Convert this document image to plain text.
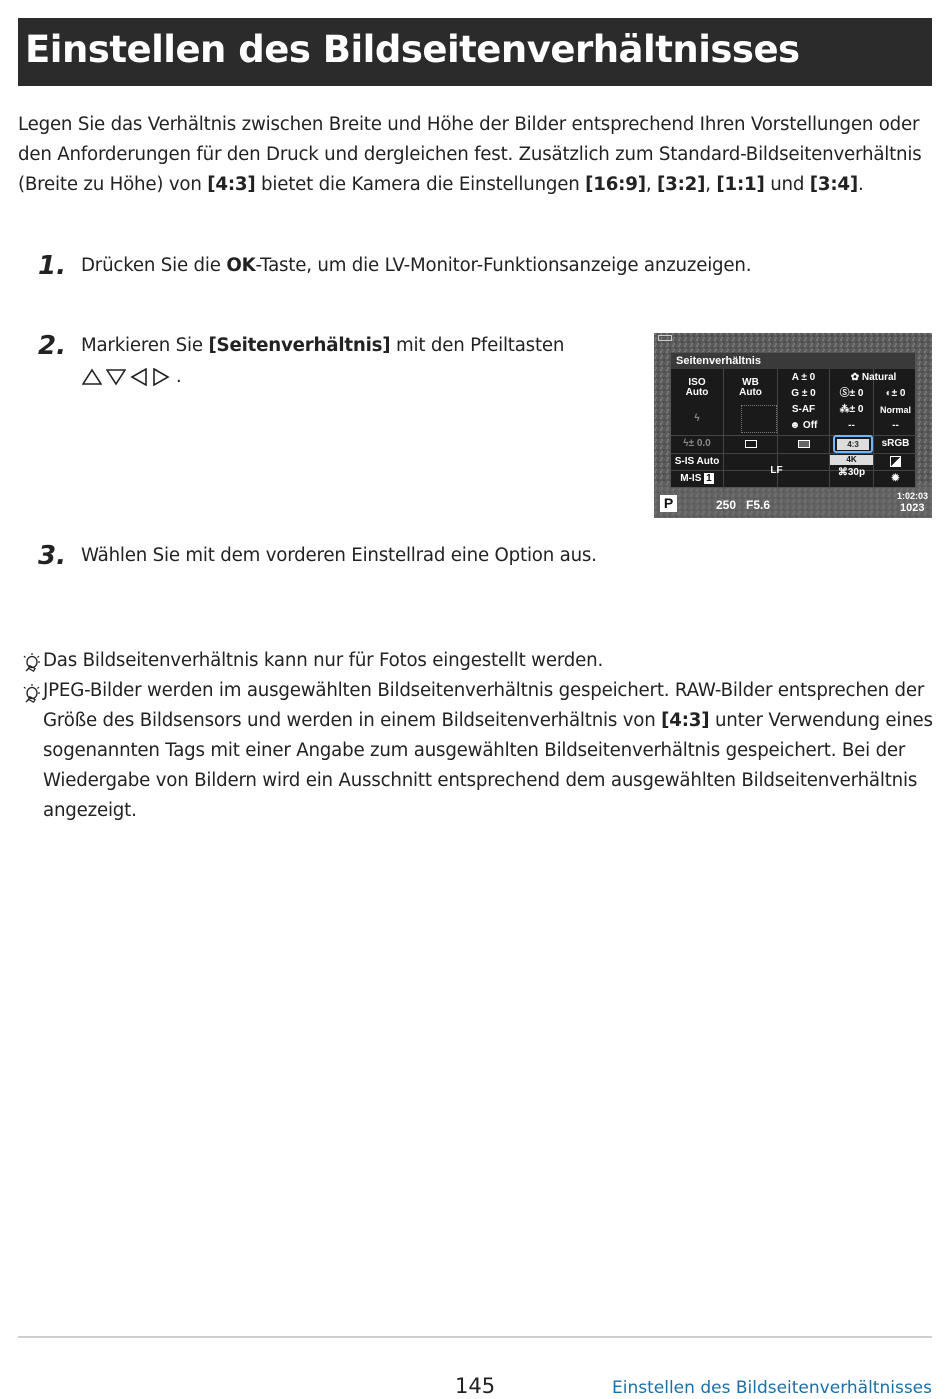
Einstellen des Bildseitenverhältnisses
Legen Sie das Verhältnis zwischen Breite und Höhe der Bilder entsprechend Ihren Vorstellungen oder
den Anforderungen für den Druck und dergleichen fest. Zusätzlich zum Standard-Bildseitenverhältnis
(Breite zu Höhe) von [4:3] bietet die Kamera die Einstellungen [16:9], [3:2], [1:1] und [3:4].
1. Drücken Sie die OK-Taste, um die LV-Monitor-Funktionsanzeige anzuzeigen.
2. Markieren Sie [Seitenverhältnis] mit den Pfeiltasten
.
Seitenverhältnis
ISO
Auto
WB
Auto
A ± 0
G ± 0
S-AF
☻ Off
✿ Natural
Ⓢ± 0 ◐± 0
⁂± 0	Normal
--	--
ϟ
ϟ± 0.0	4:3	sRGB
S-IS Auto
M-IS 1
LF
4K
⌘30p
✹
P	250 F5.6
1:02:03
1023
3. Wählen Sie mit dem vorderen Einstellrad eine Option aus.
Das Bildseitenverhältnis kann nur für Fotos eingestellt werden.
JPEG-Bilder werden im ausgewählten Bildseitenverhältnis gespeichert. RAW-Bilder entsprechen der
Größe des Bildsensors und werden in einem Bildseitenverhältnis von [4:3] unter Verwendung eines
sogenannten Tags mit einer Angabe zum ausgewählten Bildseitenverhältnis gespeichert. Bei der
Wiedergabe von Bildern wird ein Ausschnitt entsprechend dem ausgewählten Bildseitenverhältnis
angezeigt.
145	Einstellen des Bildseitenverhältnisses
